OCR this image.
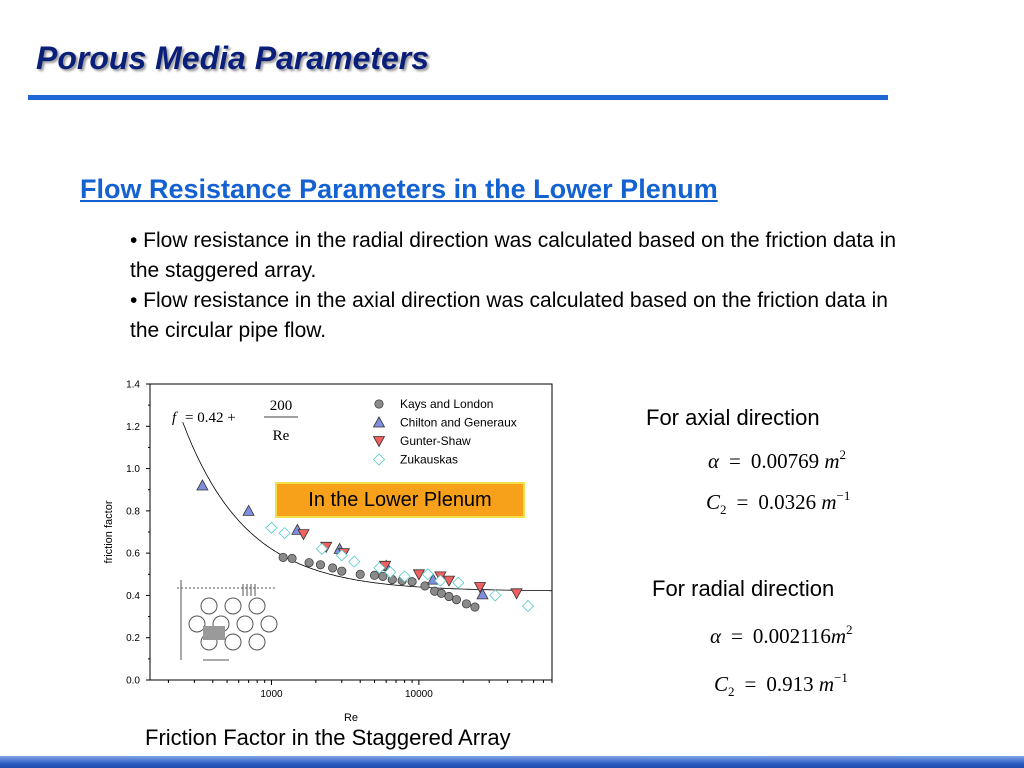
Porous Media Parameters
Flow Resistance Parameters in the Lower Plenum

• Flow resistance in the radial direction was calculated based on the friction data in the staggered array.

• Flow resistance in the axial direction was calculated based on the friction data in the circular pipe flow.

0.0
0.2
0.4
0.6
0.8
1.0
1.2
1.4
1000	10000
friction factor
Re
f = 0.42 +
200
Re
Kays and London
Chilton and Generaux
Gunter-Shaw
Zukauskas
In the Lower Plenum
Friction Factor in the Staggered Array
For axial direction
α = 0.00769 $m^2$
$C_2 = 0.0326$ $m^{-1}$
For radial direction
$\alpha = 0.002116m^2$
$C_2 = 0.913$ $m^{-1}$
